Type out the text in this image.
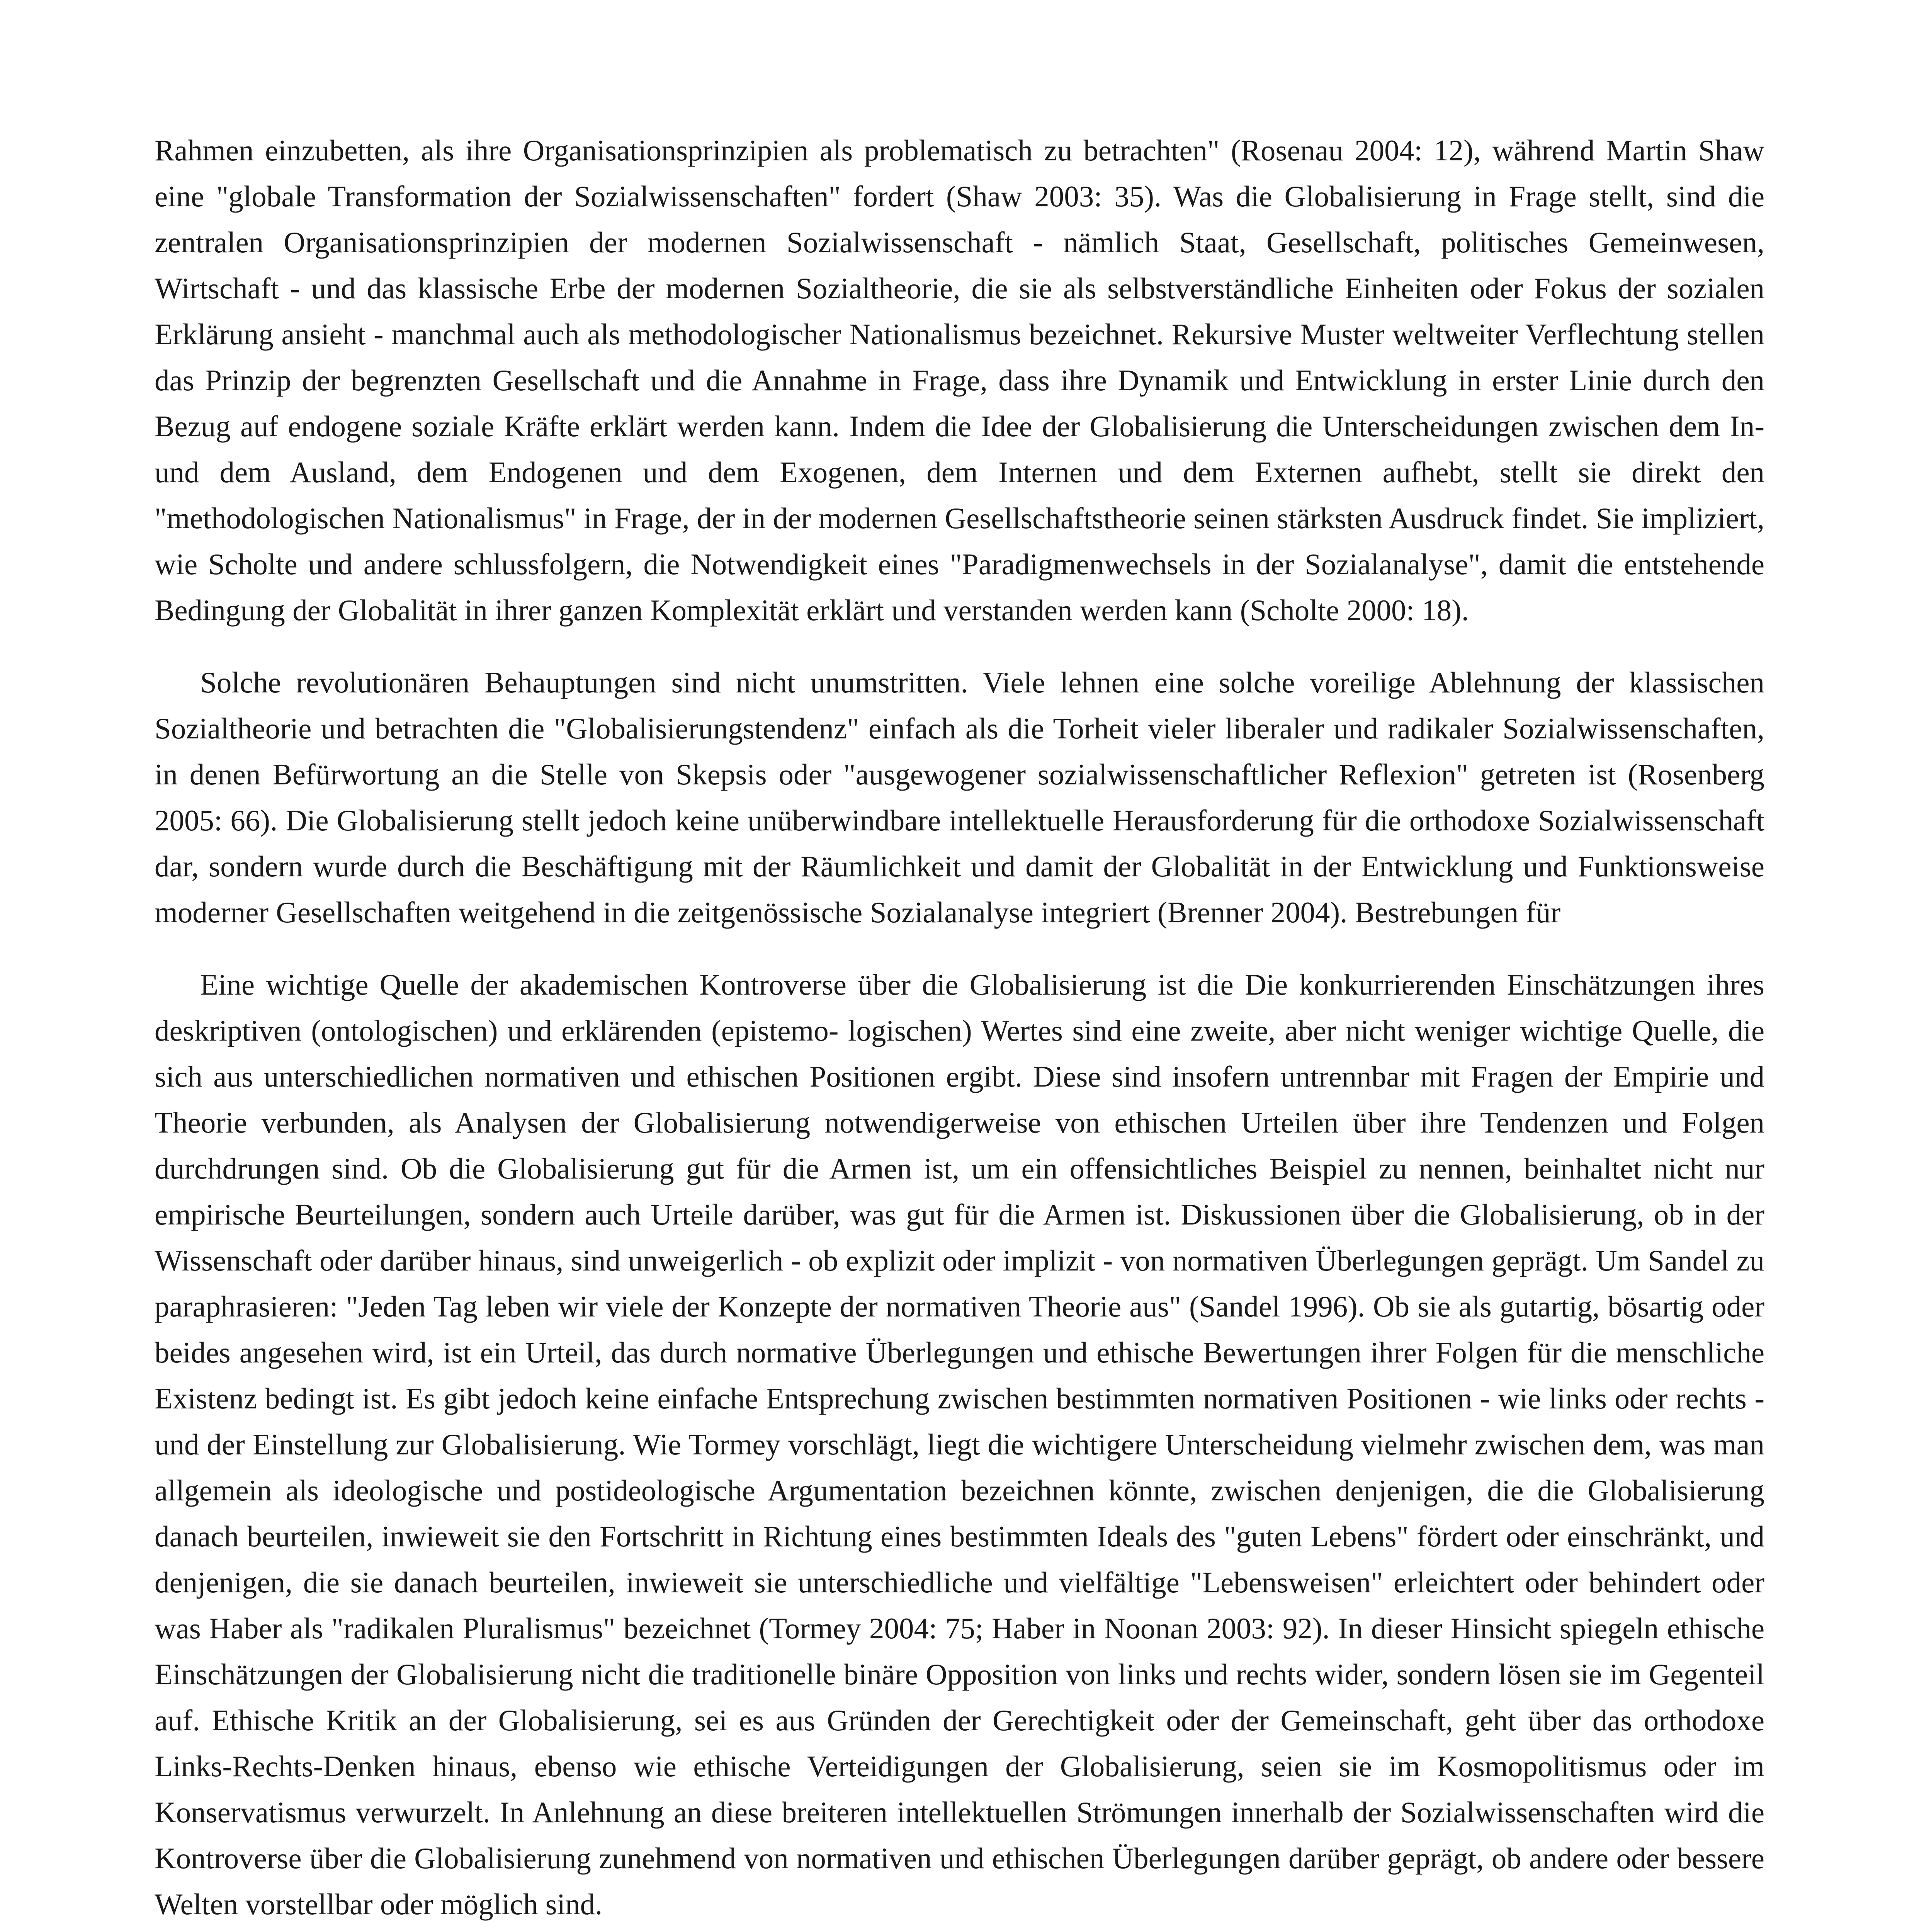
Rahmen einzubetten, als ihre Organisationsprinzipien als problematisch zu betrachten" (Rosenau 2004: 12), während Martin Shaw eine "globale Transformation der Sozialwissenschaften" fordert (Shaw 2003: 35). Was die Globalisierung in Frage stellt, sind die zentralen Organisationsprinzipien der modernen Sozialwissenschaft - nämlich Staat, Gesellschaft, politisches Gemeinwesen, Wirtschaft - und das klassische Erbe der modernen Sozialtheorie, die sie als selbstverständliche Einheiten oder Fokus der sozialen Erklärung ansieht - manchmal auch als methodologischer Nationalismus bezeichnet. Rekursive Muster weltweiter Verflechtung stellen das Prinzip der begrenzten Gesellschaft und die Annahme in Frage, dass ihre Dynamik und Entwicklung in erster Linie durch den Bezug auf endogene soziale Kräfte erklärt werden kann. Indem die Idee der Globalisierung die Unterscheidungen zwischen dem In- und dem Ausland, dem Endogenen und dem Exogenen, dem Internen und dem Externen aufhebt, stellt sie direkt den "methodologischen Nationalismus" in Frage, der in der modernen Gesellschaftstheorie seinen stärksten Ausdruck findet. Sie impliziert, wie Scholte und andere schlussfolgern, die Notwendigkeit eines "Paradigmenwechsels in der Sozialanalyse", damit die entstehende Bedingung der Globalität in ihrer ganzen Komplexität erklärt und verstanden werden kann (Scholte 2000: 18).

Solche revolutionären Behauptungen sind nicht unumstritten. Viele lehnen eine solche voreilige Ablehnung der klassischen Sozialtheorie und betrachten die "Globalisierungstendenz" einfach als die Torheit vieler liberaler und radikaler Sozialwissenschaften, in denen Befürwortung an die Stelle von Skepsis oder "ausgewogener sozialwissenschaftlicher Reflexion" getreten ist (Rosenberg 2005: 66). Die Globalisierung stellt jedoch keine unüberwindbare intellektuelle Herausforderung für die orthodoxe Sozialwissenschaft dar, sondern wurde durch die Beschäftigung mit der Räumlichkeit und damit der Globalität in der Entwicklung und Funktionsweise moderner Gesellschaften weitgehend in die zeitgenössische Sozialanalyse integriert (Brenner 2004). Bestrebungen für

Eine wichtige Quelle der akademischen Kontroverse über die Globalisierung ist die Die konkurrierenden Einschätzungen ihres deskriptiven (ontologischen) und erklärenden (epistemo- logischen) Wertes sind eine zweite, aber nicht weniger wichtige Quelle, die sich aus unterschiedlichen normativen und ethischen Positionen ergibt. Diese sind insofern untrennbar mit Fragen der Empirie und Theorie verbunden, als Analysen der Globalisierung notwendigerweise von ethischen Urteilen über ihre Tendenzen und Folgen durchdrungen sind. Ob die Globalisierung gut für die Armen ist, um ein offensichtliches Beispiel zu nennen, beinhaltet nicht nur empirische Beurteilungen, sondern auch Urteile darüber, was gut für die Armen ist. Diskussionen über die Globalisierung, ob in der Wissenschaft oder darüber hinaus, sind unweigerlich - ob explizit oder implizit - von normativen Überlegungen geprägt. Um Sandel zu paraphrasieren: "Jeden Tag leben wir viele der Konzepte der normativen Theorie aus" (Sandel 1996). Ob sie als gutartig, bösartig oder beides angesehen wird, ist ein Urteil, das durch normative Überlegungen und ethische Bewertungen ihrer Folgen für die menschliche Existenz bedingt ist. Es gibt jedoch keine einfache Entsprechung zwischen bestimmten normativen Positionen - wie links oder rechts - und der Einstellung zur Globalisierung. Wie Tormey vorschlägt, liegt die wichtigere Unterscheidung vielmehr zwischen dem, was man allgemein als ideologische und postideologische Argumentation bezeichnen könnte, zwischen denjenigen, die die Globalisierung danach beurteilen, inwieweit sie den Fortschritt in Richtung eines bestimmten Ideals des "guten Lebens" fördert oder einschränkt, und denjenigen, die sie danach beurteilen, inwieweit sie unterschiedliche und vielfältige "Lebensweisen" erleichtert oder behindert oder was Haber als "radikalen Pluralismus" bezeichnet (Tormey 2004: 75; Haber in Noonan 2003: 92). In dieser Hinsicht spiegeln ethische Einschätzungen der Globalisierung nicht die traditionelle binäre Opposition von links und rechts wider, sondern lösen sie im Gegenteil auf. Ethische Kritik an der Globalisierung, sei es aus Gründen der Gerechtigkeit oder der Gemeinschaft, geht über das orthodoxe Links-Rechts-Denken hinaus, ebenso wie ethische Verteidigungen der Globalisierung, seien sie im Kosmopolitismus oder im Konservatismus verwurzelt. In Anlehnung an diese breiteren intellektuellen Strömungen innerhalb der Sozialwissenschaften wird die Kontroverse über die Globalisierung zunehmend von normativen und ethischen Überlegungen darüber geprägt, ob andere oder bessere Welten vorstellbar oder möglich sind.
